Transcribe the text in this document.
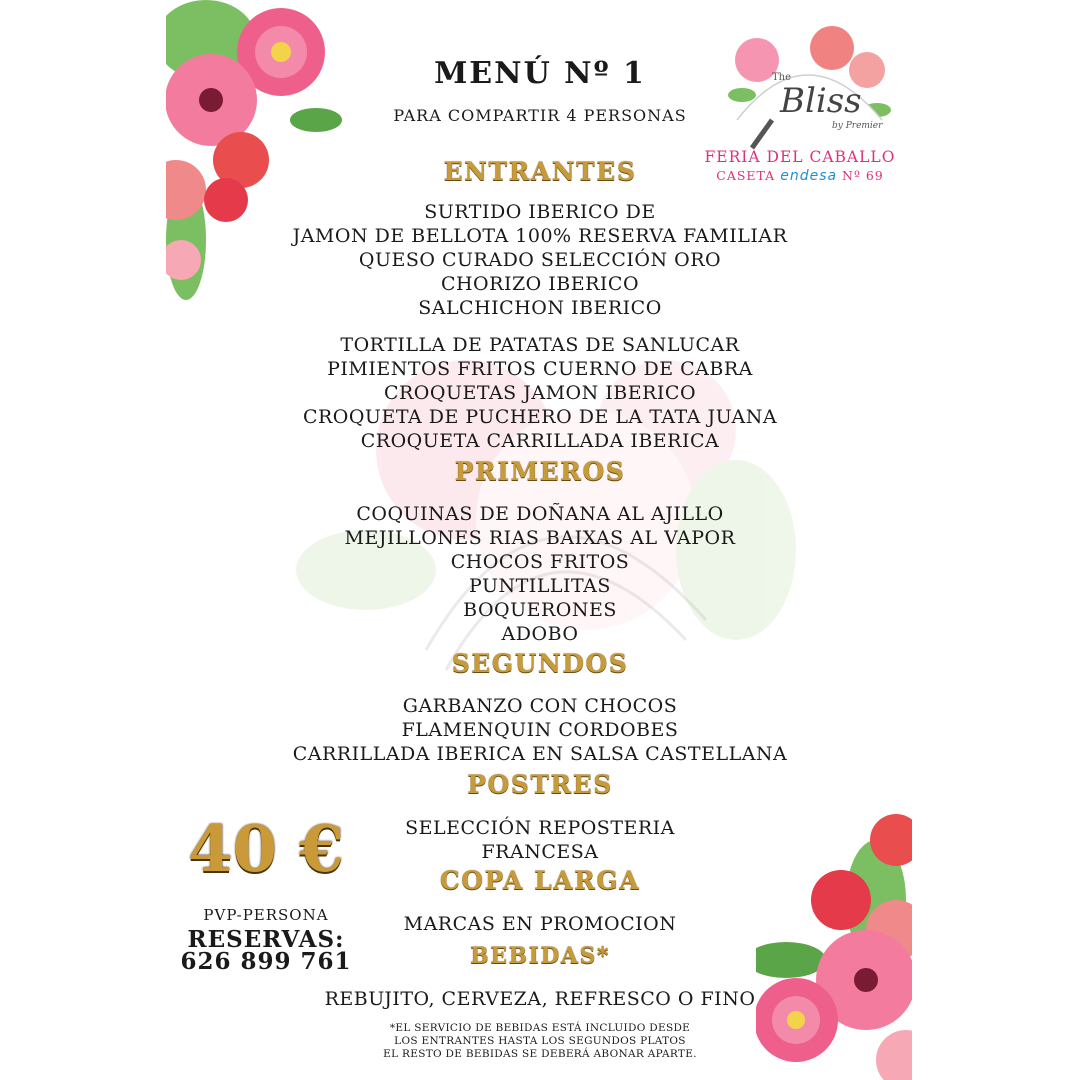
The
Bliss
by Premier
FERIA DEL CABALLO
CASETA endesa Nº 69
MENÚ Nº 1
PARA COMPARTIR 4 PERSONAS
ENTRANTES
SURTIDO IBERICO DE
JAMON DE BELLOTA 100% RESERVA FAMILIAR
QUESO CURADO SELECCIÓN ORO
CHORIZO IBERICO
SALCHICHON IBERICO
TORTILLA DE PATATAS DE SANLUCAR
PIMIENTOS FRITOS CUERNO DE CABRA
CROQUETAS JAMON IBERICO
CROQUETA DE PUCHERO DE LA TATA JUANA
CROQUETA CARRILLADA IBERICA
PRIMEROS
COQUINAS DE DOÑANA AL AJILLO
MEJILLONES RIAS BAIXAS AL VAPOR
CHOCOS FRITOS
PUNTILLITAS
BOQUERONES
ADOBO
SEGUNDOS
GARBANZO CON CHOCOS
FLAMENQUIN CORDOBES
CARRILLADA IBERICA EN SALSA CASTELLANA
POSTRES
SELECCIÓN REPOSTERIA
FRANCESA
COPA LARGA
MARCAS EN PROMOCION
BEBIDAS*
REBUJITO, CERVEZA, REFRESCO O FINO
*EL SERVICIO DE BEBIDAS ESTÁ INCLUIDO DESDE
LOS ENTRANTES HASTA LOS SEGUNDOS PLATOS
EL RESTO DE BEBIDAS SE DEBERÁ ABONAR APARTE.
40 €
PVP-PERSONA
RESERVAS:
626 899 761
